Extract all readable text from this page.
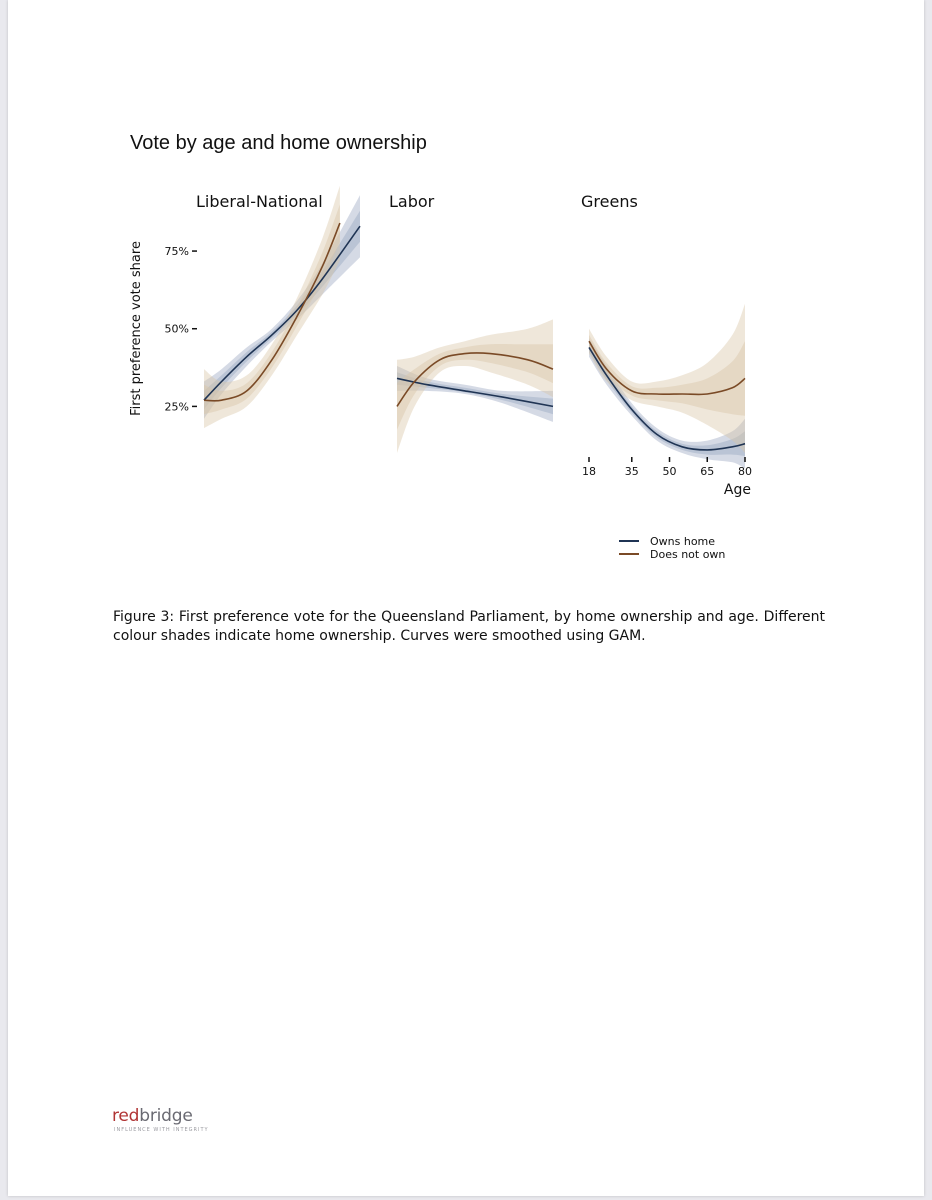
Vote by age and home ownership
First preference vote share 25%
50%
75%
Liberal-National	Labor	Greens
18	35 50 65 80
Age
Owns home
Does not own
Figure 3: First preference vote for the Queensland Parliament, by home ownership and age. Different colour shades indicate home ownership. Curves were smoothed using GAM.
redbridge
INFLUENCE WITH INTEGRITY
